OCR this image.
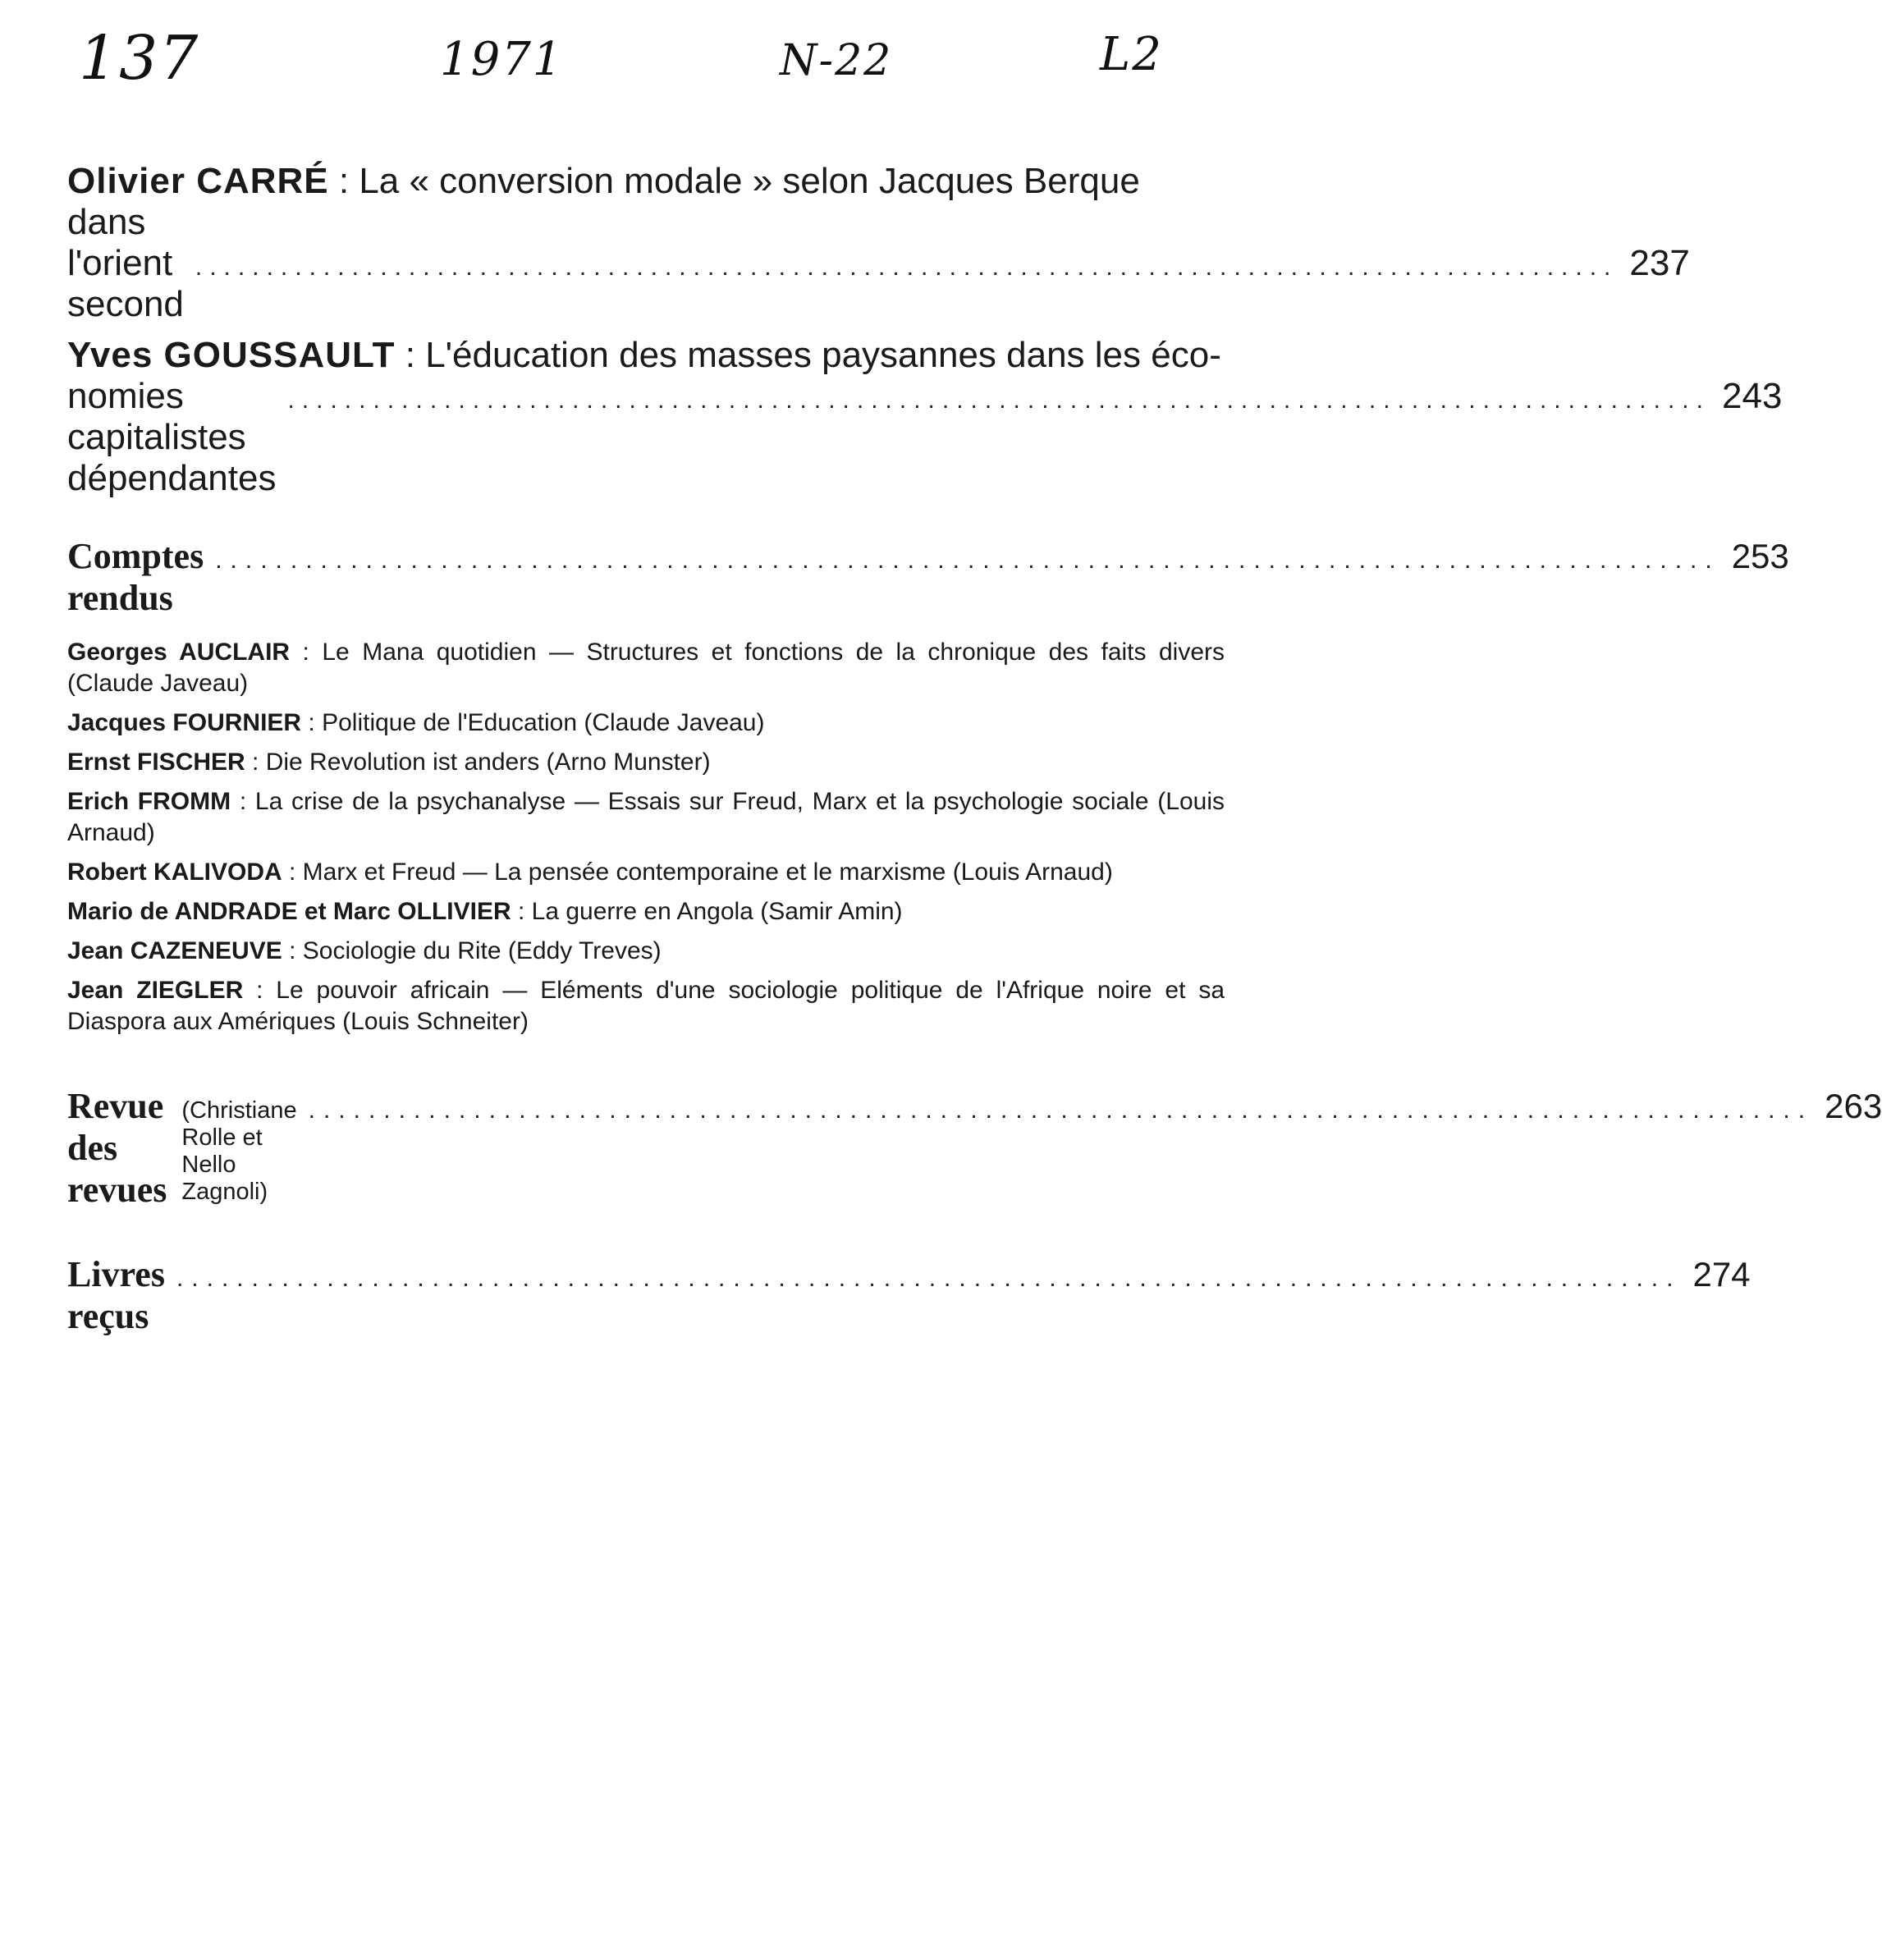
137	1971	N-22	L2
Olivier CARRÉ : La « conversion modale » selon Jacques Berque dans
l'orient second
.................................................................................................... 237
Yves GOUSSAULT : L'éducation des masses paysannes dans les éco-
nomies capitalistes dépendantes
.................................................................................................... 243
Comptes rendus
.................................................................................................... 253
Georges AUCLAIR : Le Mana quotidien — Structures et fonctions de la chronique des faits divers (Claude Javeau)
Jacques FOURNIER : Politique de l'Education (Claude Javeau)
Ernst FISCHER : Die Revolution ist anders (Arno Munster)
Erich FROMM : La crise de la psychanalyse — Essais sur Freud, Marx et la psychologie sociale (Louis Arnaud)
Robert KALIVODA : Marx et Freud — La pensée contemporaine et le marxisme (Louis Arnaud)
Mario de ANDRADE et Marc OLLIVIER : La guerre en Angola (Samir Amin)
Jean CAZENEUVE : Sociologie du Rite (Eddy Treves)
Jean ZIEGLER : Le pouvoir africain — Eléments d'une sociologie politique de l'Afrique noire et sa Diaspora aux Amériques (Louis Schneiter)
Revue des revues
(Christiane Rolle et Nello Zagnoli)
.................................................................................................... 263
Livres reçus
.................................................................................................... 274
